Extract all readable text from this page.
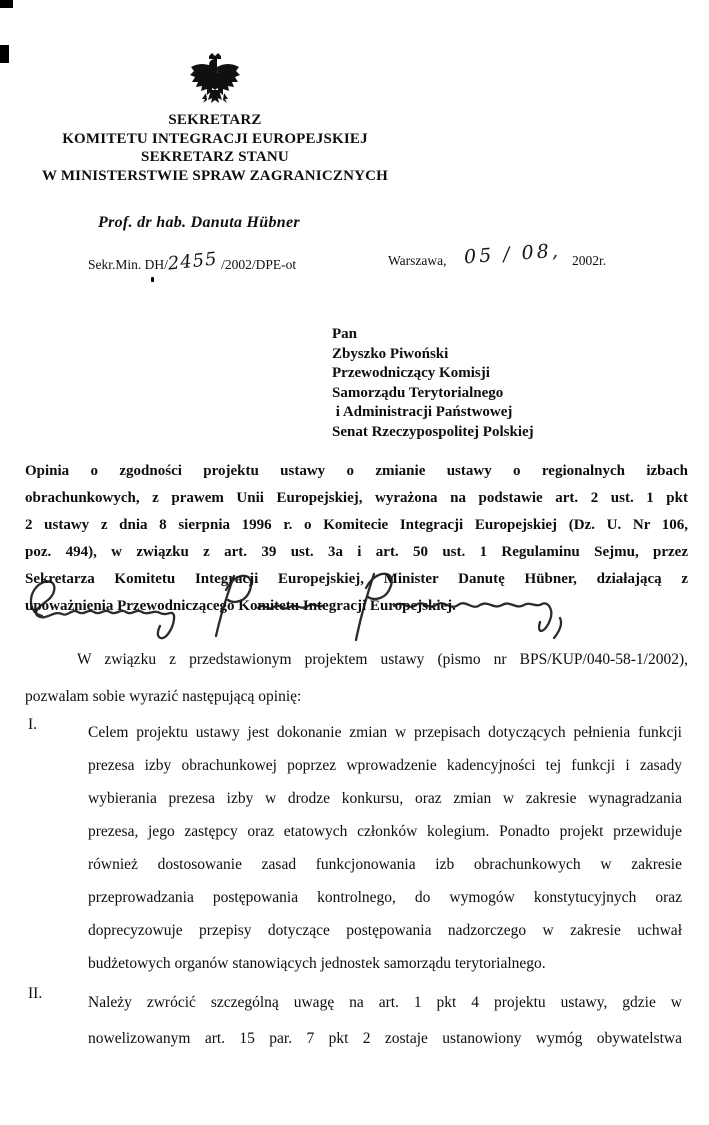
SEKRETARZ
KOMITETU INTEGRACJI EUROPEJSKIEJ
SEKRETARZ STANU
W MINISTERSTWIE SPRAW ZAGRANICZNYCH
Prof. dr hab. Danuta Hübner
Sekr.Min. DH/2455 /2002/DPE-ot	Warszawa, 05 / 08, 2002r.
Pan
Zbyszko Piwoński
Przewodniczący Komisji
Samorządu Terytorialnego
i Administracji Państwowej
Senat Rzeczypospolitej Polskiej
Opinia o zgodności projektu ustawy o zmianie ustawy o regionalnych izbach
obrachunkowych, z prawem Unii Europejskiej, wyrażona na podstawie art. 2 ust. 1 pkt
2 ustawy z dnia 8 sierpnia 1996 r. o Komitecie Integracji Europejskiej (Dz. U. Nr 106,
poz. 494), w związku z art. 39 ust. 3a i art. 50 ust. 1 Regulaminu Sejmu, przez
Sekretarza Komitetu Integracji Europejskiej, Minister Danutę Hübner, działającą z
upoważnienia Przewodniczącego Komitetu Integracji Europejskiej.
W związku z przedstawionym projektem ustawy (pismo nr BPS/KUP/040-58-1/2002),
pozwalam sobie wyrazić następującą opinię:
I.	Celem projektu ustawy jest dokonanie zmian w przepisach dotyczących pełnienia funkcji
prezesa izby obrachunkowej poprzez wprowadzenie kadencyjności tej funkcji i zasady
wybierania prezesa izby w drodze konkursu, oraz zmian w zakresie wynagradzania
prezesa, jego zastępcy oraz etatowych członków kolegium. Ponadto projekt przewiduje
również dostosowanie zasad funkcjonowania izb obrachunkowych w zakresie
przeprowadzania postępowania kontrolnego, do wymogów konstytucyjnych oraz
doprecyzowuje przepisy dotyczące postępowania nadzorczego w zakresie uchwał
budżetowych organów stanowiących jednostek samorządu terytorialnego.
II.
Należy zwrócić szczególną uwagę na art. 1 pkt 4 projektu ustawy, gdzie w
nowelizowanym art. 15 par. 7 pkt 2 zostaje ustanowiony wymóg obywatelstwa
